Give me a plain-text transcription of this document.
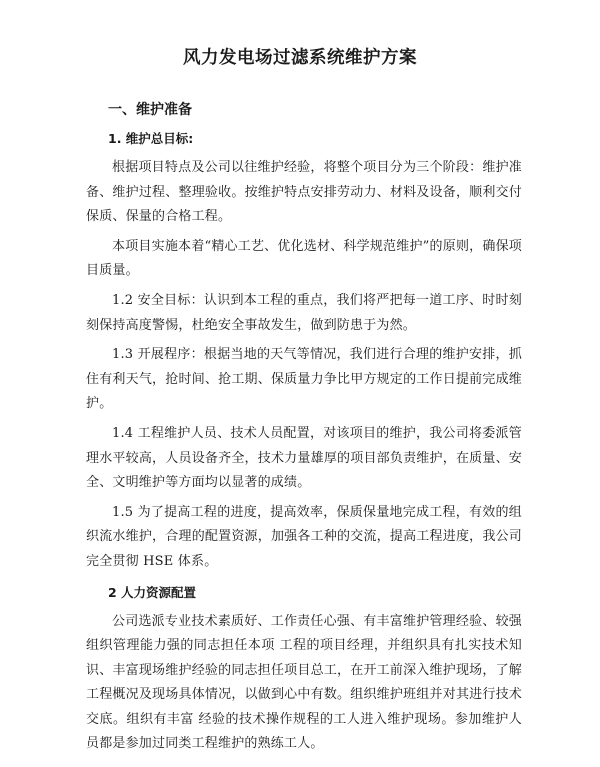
风力发电场过滤系统维护方案
一、维护准备
1. 维护总目标:

根据项目特点及公司以往维护经验，将整个项目分为三个阶段：维护准备、维护过程、整理验收。按维护特点安排劳动力、材料及设备，顺利交付保质、保量的合格工程。

本项目实施本着“精心工艺、优化选材、科学规范维护”的原则，确保项目质量。

1.2 安全目标：认识到本工程的重点，我们将严把每一道工序、时时刻刻保持高度警惕，杜绝安全事故发生，做到防患于为然。

1.3 开展程序：根据当地的天气等情况，我们进行合理的维护安排，抓住有利天气，抢时间、抢工期、保质量力争比甲方规定的工作日提前完成维护。

1.4 工程维护人员、技术人员配置，对该项目的维护，我公司将委派管理水平较高，人员设备齐全，技术力量雄厚的项目部负责维护，在质量、安全、文明维护等方面均以显著的成绩。

1.5 为了提高工程的进度，提高效率，保质保量地完成工程，有效的组织流水维护，合理的配置资源，加强各工种的交流，提高工程进度，我公司完全贯彻 HSE 体系。

2 人力资源配置

公司选派专业技术素质好、工作责任心强、有丰富维护管理经验、较强组织管理能力强的同志担任本项 工程的项目经理，并组织具有扎实技术知识、丰富现场维护经验的同志担任项目总工，在开工前深入维护现场，了解工程概况及现场具体情况，以做到心中有数。组织维护班组并对其进行技术交底。组织有丰富 经验的技术操作规程的工人进入维护现场。参加维护人员都是参加过同类工程维护的熟练工人。
